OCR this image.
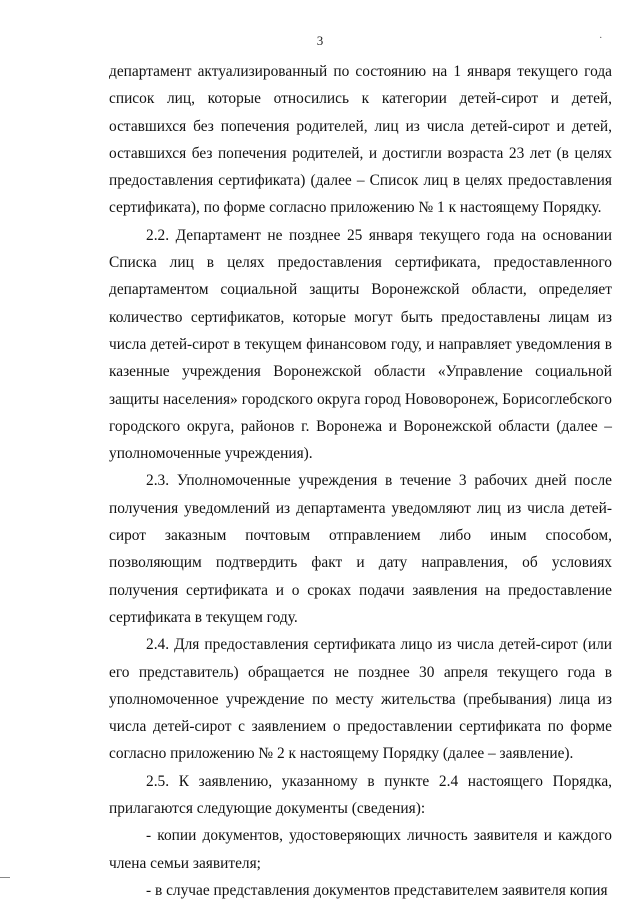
3	.

департамент актуализированный по состоянию на 1 января текущего года список лиц, которые относились к категории детей-сирот и детей, оставшихся без попечения родителей, лиц из числа детей-сирот и детей, оставшихся без попечения родителей, и достигли возраста 23 лет (в целях предоставления сертификата) (далее – Список лиц в целях предоставления сертификата), по форме согласно приложению № 1 к настоящему Порядку.

2.2. Департамент не позднее 25 января текущего года на основании Списка лиц в целях предоставления сертификата, предоставленного департаментом социальной защиты Воронежской области, определяет количество сертификатов, которые могут быть предоставлены лицам из числа детей-сирот в текущем финансовом году, и направляет уведомления в казенные учреждения Воронежской области «Управление социальной защиты населения» городского округа город Нововоронеж, Борисоглебского городского округа, районов г. Воронежа и Воронежской области (далее – уполномоченные учреждения).

2.3. Уполномоченные учреждения в течение 3 рабочих дней после получения уведомлений из департамента уведомляют лиц из числа детей-сирот заказным почтовым отправлением либо иным способом, позволяющим подтвердить факт и дату направления, об условиях получения сертификата и о сроках подачи заявления на предоставление сертификата в текущем году.

2.4. Для предоставления сертификата лицо из числа детей-сирот (или его представитель) обращается не позднее 30 апреля текущего года в уполномоченное учреждение по месту жительства (пребывания) лица из числа детей-сирот с заявлением о предоставлении сертификата по форме согласно приложению № 2 к настоящему Порядку (далее – заявление).

2.5. К заявлению, указанному в пункте 2.4 настоящего Порядка, прилагаются следующие документы (сведения):

- копии документов, удостоверяющих личность заявителя и каждого члена семьи заявителя;

- в случае представления документов представителем заявителя копия
